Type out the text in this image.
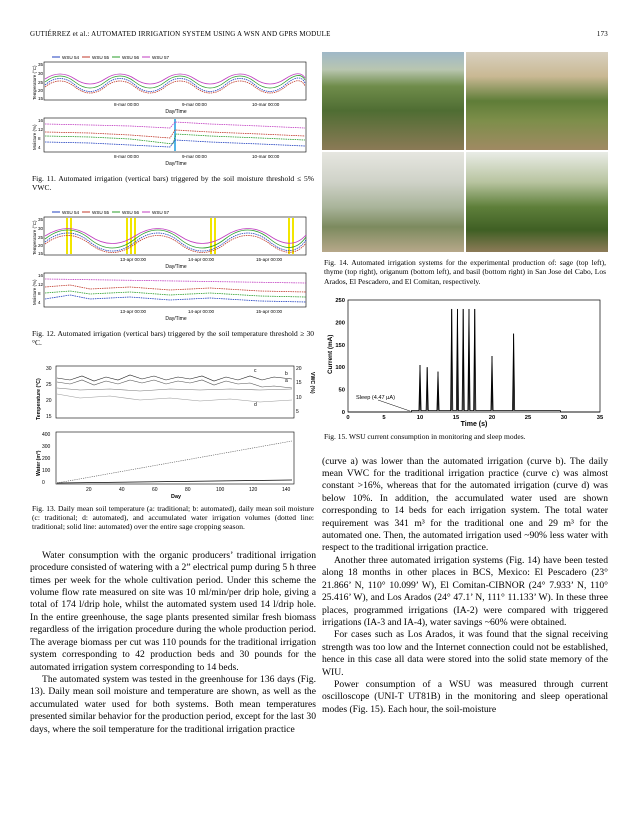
GUTIÉRREZ et al.: AUTOMATED IRRIGATION SYSTEM USING A WSN AND GPRS MODULE	173
WSU 54	WSU 55	WSU 56	WSU 57
Temperature (°C)
35
30
25
20
15
8-mar 00:00	9-mar 00:00	10-mar 00:00
Day/Time
Moisture (%)
16
12
8
4
8-mar 00:00	9-mar 00:00	10-mar 00:00
Day/Time
Fig. 11. Automated irrigation (vertical bars) triggered by the soil moisture threshold ≤ 5% VWC.
WSU 54	WSU 55	WSU 56	WSU 57
Temperature (°C)
35
30
25
20
15
13-apr 00:00	14-apr 00:00	15-apr 00:00
Day/Time
Moisture (%)
16
12
8
4
13-apr 00:00	14-apr 00:00	15-apr 00:00
Day/Time
Fig. 12. Automated irrigation (vertical bars) triggered by the soil temperature threshold ≥ 30 °C.
Temperature (°C)
30
25
20
15
VWC (%)
20
15
10
5
a
b
c
d
Water (m³)
400
300
200
100
0
20	40	60	80	100	120	140
Day
Fig. 13. Daily mean soil temperature (a: traditional; b: automated), daily mean soil moisture (c: traditional; d: automated), and accumulated water irrigation volumes (dotted line: traditional; solid line: automated) over the entire sage cropping season.

Water consumption with the organic producers’ traditional irrigation procedure consisted of watering with a 2” electrical pump during 5 h three times per week for the whole cultivation period. Under this scheme the volume flow rate measured on site was 10 ml/min/per drip hole, giving a total of 174 l/drip hole, whilst the automated system used 14 l/drip hole. In the entire greenhouse, the sage plants presented similar fresh biomass regardless of the irrigation procedure during the whole production period. The average biomass per cut was 110 pounds for the traditional irrigation system corresponding to 42 production beds and 30 pounds for the automated irrigation system corresponding to 14 beds.

The automated system was tested in the greenhouse for 136 days (Fig. 13). Daily mean soil moisture and temperature are shown, as well as the accumulated water used for both systems. Both mean temperatures presented similar behavior for the production period, except for the last 30 days, where the soil temperature for the traditional irrigation practice

Fig. 14. Automated irrigation systems for the experimental production of: sage (top left), thyme (top right), origanum (bottom left), and basil (bottom right) in San Jose del Cabo, Los Arados, El Pescadero, and El Comitan, respectively.
Current (mA)
Time (s)
Sleep (4.47 µA)
0	5	10	15	20	25	30	35
0
50
100
150
200
250
Fig. 15. WSU current consumption in monitoring and sleep modes.

(curve a) was lower than the automated irrigation (curve b). The daily mean VWC for the traditional irrigation practice (curve c) was almost constant >16%, whereas that for the automated irrigation (curve d) was below 10%. In addition, the accumulated water used are shown corresponding to 14 beds for each irrigation system. The total water requirement was 341 m³ for the traditional one and 29 m³ for the automated one. Then, the automated irrigation used ~90% less water with respect to the traditional irrigation practice.

Another three automated irrigation systems (Fig. 14) have been tested along 18 months in other places in BCS, Mexico: El Pescadero (23° 21.866’ N, 110° 10.099’ W), El Comitan-CIBNOR (24° 7.933’ N, 110° 25.416’ W), and Los Arados (24° 47.1’ N, 111° 11.133’ W). In these three places, programmed irrigations (IA-2) were compared with triggered irrigations (IA-3 and IA-4), water savings ~60% were obtained.

For cases such as Los Arados, it was found that the signal receiving strength was too low and the Internet connection could not be established, hence in this case all data were stored into the solid state memory of the WIU.

Power consumption of a WSU was measured through current oscilloscope (UNI-T UT81B) in the monitoring and sleep operational modes (Fig. 15). Each hour, the soil-moisture
